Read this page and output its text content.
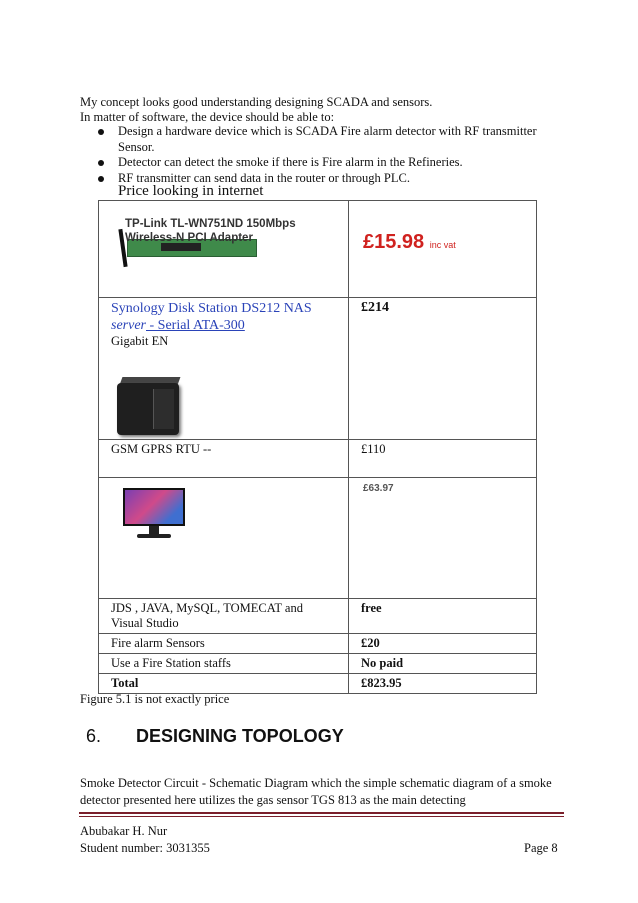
My concept looks good understanding designing SCADA and sensors.
In matter of software, the device should be able to:
Design a hardware device which is SCADA Fire alarm detector with RF transmitter Sensor.
Detector can detect the smoke if there is Fire alarm in the Refineries.
RF transmitter can send data in the router or through PLC.
Price looking in internet
TP-Link TL-WN751ND 150Mbps
Wireless-N PCI Adapter	£15.98 inc vat

Synology Disk Station DS212 NAS
server - Serial ATA-300
Gigabit EN	£214

GSM GPRS RTU --	£110

	£63.97

JDS , JAVA, MySQL, TOMECAT and Visual Studio	free
Fire alarm Sensors	£20
Use a Fire Station staffs	No paid
Total	£823.95
Figure 5.1 is not exactly price
6. DESIGNING TOPOLOGY
Smoke Detector Circuit - Schematic Diagram which the simple schematic diagram of a smoke detector presented here utilizes the gas sensor TGS 813 as the main detecting
Abubakar H. Nur
Student number: 3031355	Page 8
